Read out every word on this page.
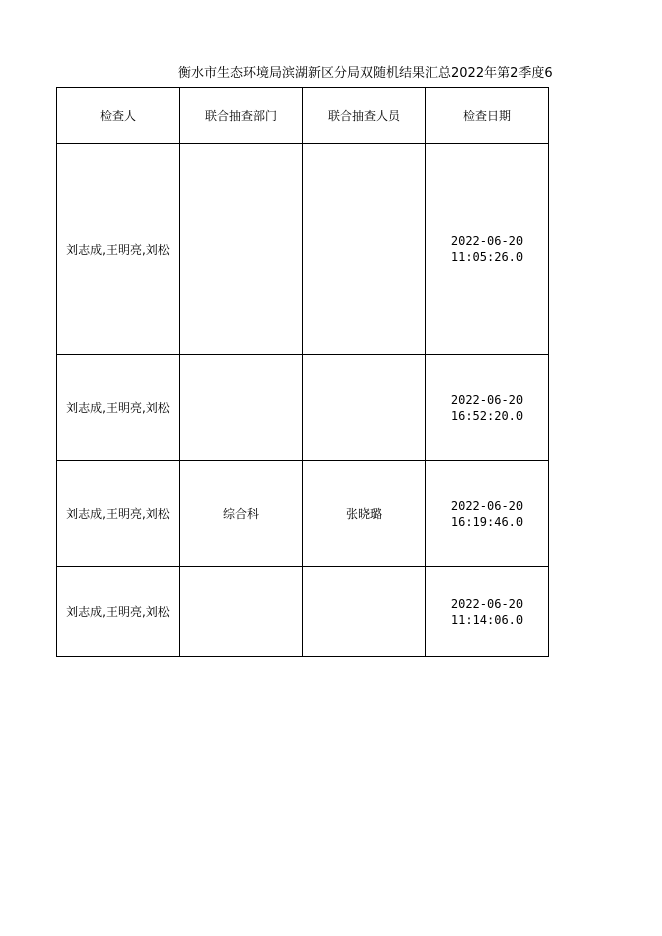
衡水市生态环境局滨湖新区分局双随机结果汇总2022年第2季度6
检查人	联合抽查部门	联合抽查人员	检查日期
刘志成,王明亮,刘松			2022-06-20
11:05:26.0

刘志成,王明亮,刘松			2022-06-20
16:52:20.0

刘志成,王明亮,刘松	综合科	张晓璐	2022-06-20
16:19:46.0

刘志成,王明亮,刘松			2022-06-20
11:14:06.0
